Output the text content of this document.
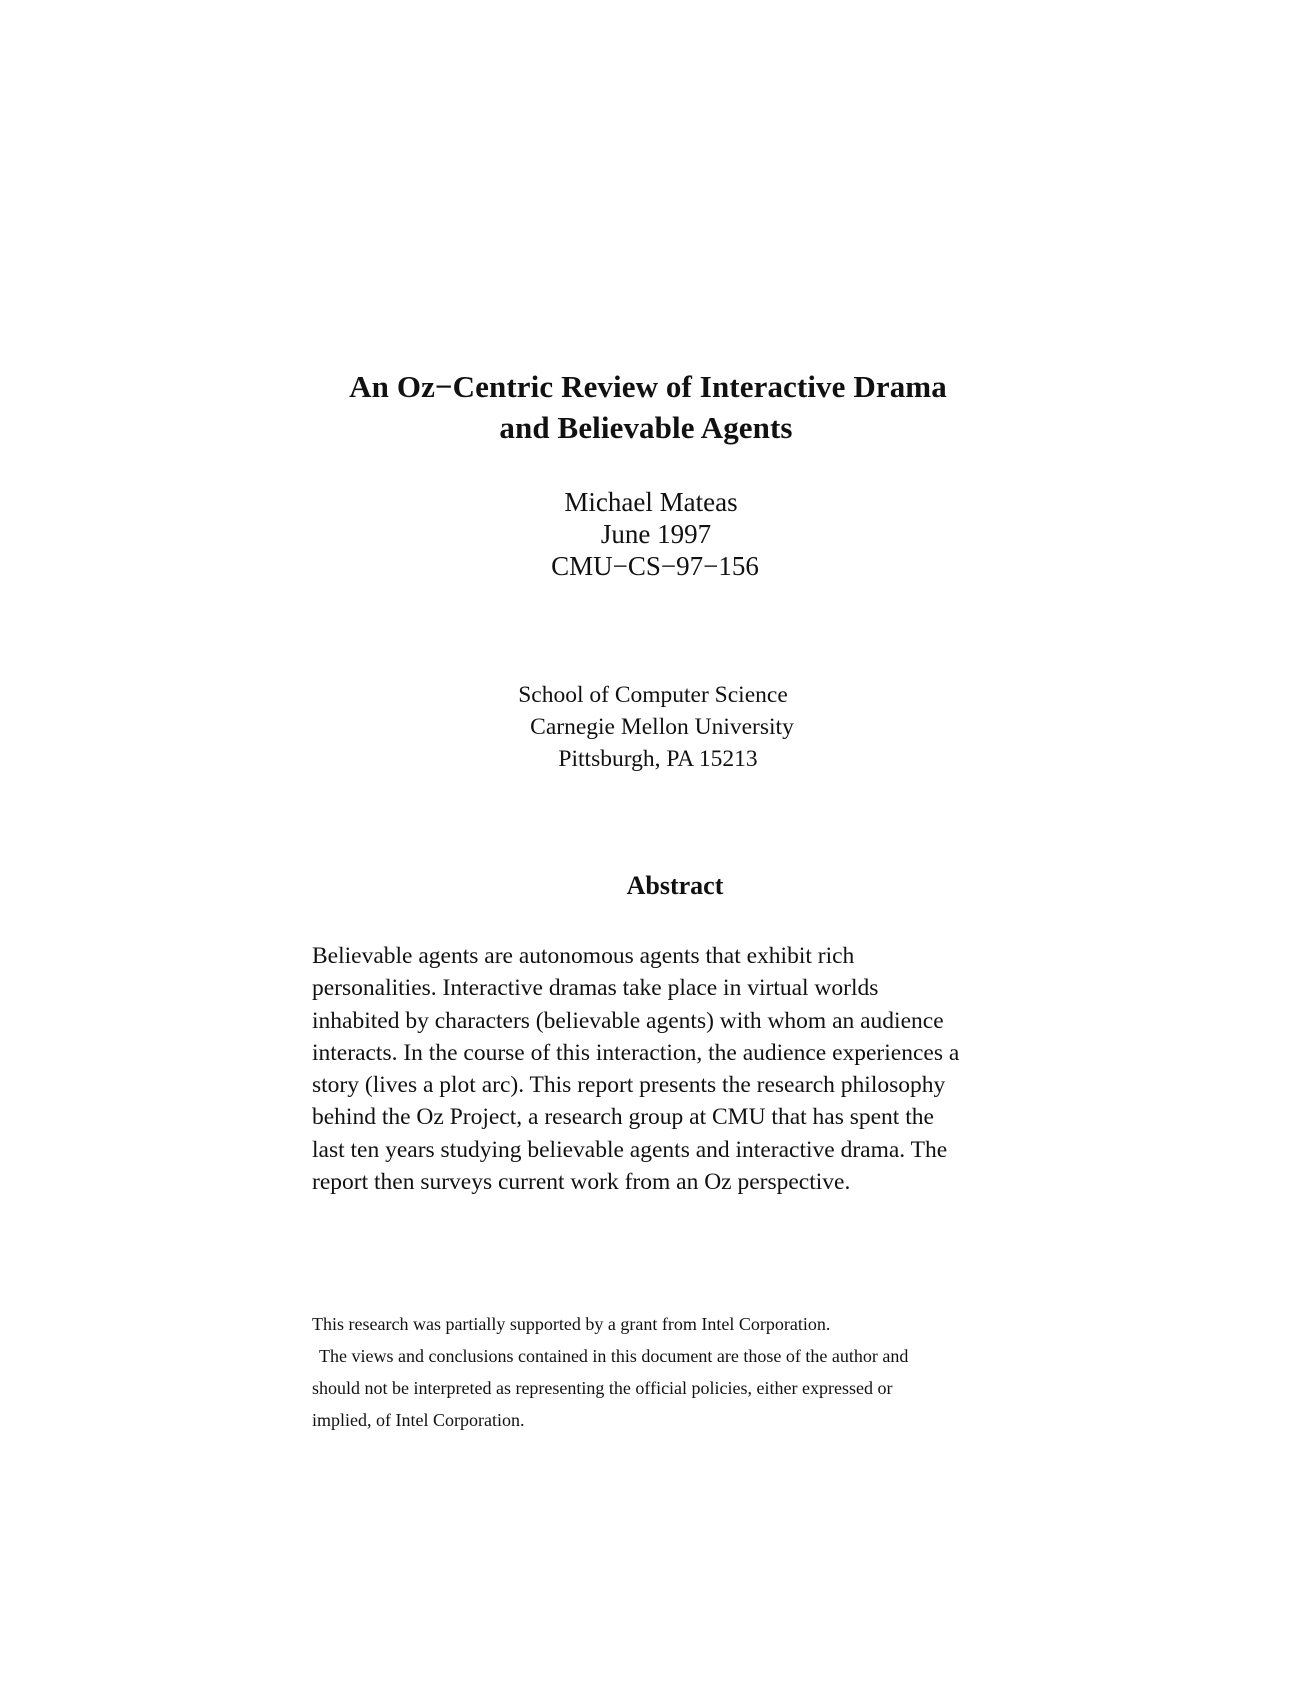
An Oz−Centric Review of Interactive Drama
and Believable Agents
Michael Mateas
June 1997
CMU−CS−97−156
School of Computer Science
Carnegie Mellon University
Pittsburgh, PA 15213
Abstract
Believable agents are autonomous agents that exhibit rich
personalities. Interactive dramas take place in virtual worlds
inhabited by characters (believable agents) with whom an audience
interacts. In the course of this interaction, the audience experiences a
story (lives a plot arc). This report presents the research philosophy
behind the Oz Project, a research group at CMU that has spent the
last ten years studying believable agents and interactive drama. The
report then surveys current work from an Oz perspective.
This research was partially supported by a grant from Intel Corporation.
The views and conclusions contained in this document are those of the author and
should not be interpreted as representing the official policies, either expressed or
implied, of Intel Corporation.
